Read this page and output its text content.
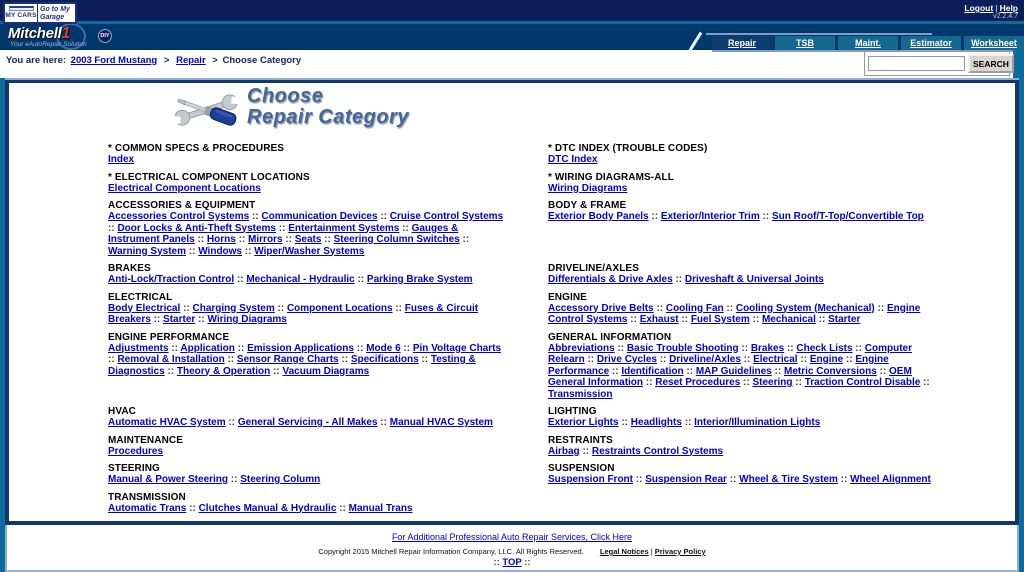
MY CARS
Go to My Garage
Logout | Help
v2.2.4.7
Mitchell1	DIY
Your eAutoRepair Solution	Repair	TSB	Maint.	Estimator	Worksheet
You are here: 2003 Ford Mustang > Repair > Choose Category	SEARCH
Choose
Repair Category
* COMMON SPECS & PROCEDURES
Index
* DTC INDEX (TROUBLE CODES)
DTC Index
* ELECTRICAL COMPONENT LOCATIONS
Electrical Component Locations
* WIRING DIAGRAMS-ALL
Wiring Diagrams
ACCESSORIES & EQUIPMENT
Accessories Control Systems :: Communication Devices :: Cruise Control Systems :: Door Locks & Anti-Theft Systems :: Entertainment Systems :: Gauges & Instrument Panels :: Horns :: Mirrors :: Seats :: Steering Column Switches :: Warning System :: Windows :: Wiper/Washer Systems
BODY & FRAME
Exterior Body Panels :: Exterior/Interior Trim :: Sun Roof/T-Top/Convertible Top
BRAKES
Anti-Lock/Traction Control :: Mechanical - Hydraulic :: Parking Brake System
DRIVELINE/AXLES
Differentials & Drive Axles :: Driveshaft & Universal Joints
ELECTRICAL
Body Electrical :: Charging System :: Component Locations :: Fuses & Circuit Breakers :: Starter :: Wiring Diagrams
ENGINE
Accessory Drive Belts :: Cooling Fan :: Cooling System (Mechanical) :: Engine Control Systems :: Exhaust :: Fuel System :: Mechanical :: Starter
ENGINE PERFORMANCE
Adjustments :: Application :: Emission Applications :: Mode 6 :: Pin Voltage Charts :: Removal & Installation :: Sensor Range Charts :: Specifications :: Testing & Diagnostics :: Theory & Operation :: Vacuum Diagrams
GENERAL INFORMATION
Abbreviations :: Basic Trouble Shooting :: Brakes :: Check Lists :: Computer Relearn :: Drive Cycles :: Driveline/Axles :: Electrical :: Engine :: Engine Performance :: Identification :: MAP Guidelines :: Metric Conversions :: OEM General Information :: Reset Procedures :: Steering :: Traction Control Disable :: Transmission
HVAC
Automatic HVAC System :: General Servicing - All Makes :: Manual HVAC System
LIGHTING
Exterior Lights :: Headlights :: Interior/Illumination Lights
MAINTENANCE
Procedures
RESTRAINTS
Airbag :: Restraints Control Systems
STEERING
Manual & Power Steering :: Steering Column
SUSPENSION
Suspension Front :: Suspension Rear :: Wheel & Tire System :: Wheel Alignment
TRANSMISSION
Automatic Trans :: Clutches Manual & Hydraulic :: Manual Trans
For Additional Professional Auto Repair Services, Click Here
Copyright 2015 Mitchell Repair Information Company, LLC. All Rights Reserved. Legal Notices | Privacy Policy
:: TOP ::
